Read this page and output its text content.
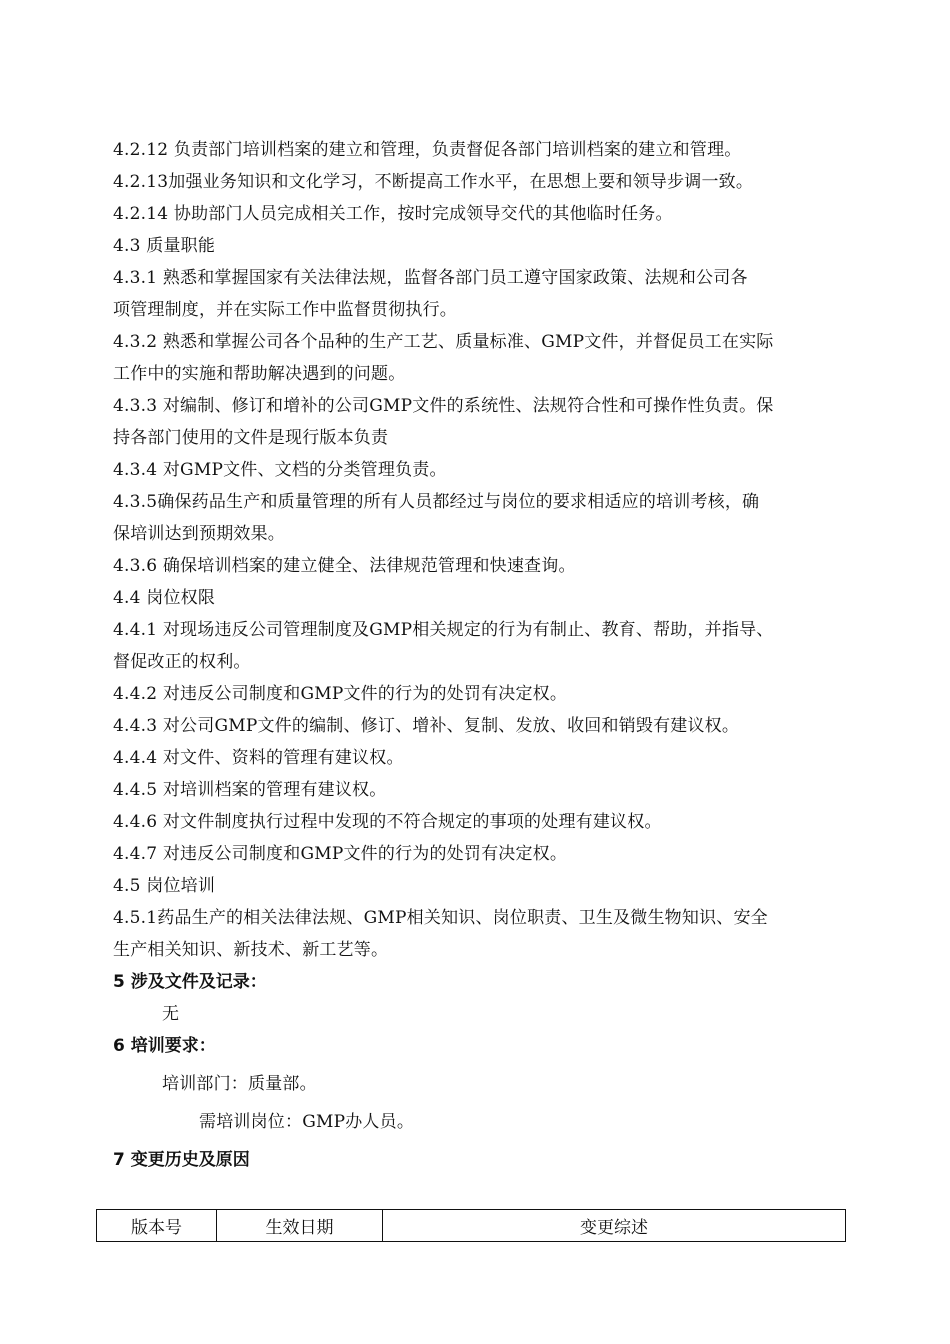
4.2.12 负责部门培训档案的建立和管理，负责督促各部门培训档案的建立和管理。
4.2.13加强业务知识和文化学习，不断提高工作水平，在思想上要和领导步调一致。
4.2.14 协助部门人员完成相关工作，按时完成领导交代的其他临时任务。
4.3 质量职能
4.3.1 熟悉和掌握国家有关法律法规，监督各部门员工遵守国家政策、法规和公司各
项管理制度，并在实际工作中监督贯彻执行。
4.3.2 熟悉和掌握公司各个品种的生产工艺、质量标准、GMP文件，并督促员工在实际
工作中的实施和帮助解决遇到的问题。
4.3.3 对编制、修订和增补的公司GMP文件的系统性、法规符合性和可操作性负责。保
持各部门使用的文件是现行版本负责
4.3.4 对GMP文件、文档的分类管理负责。
4.3.5确保药品生产和质量管理的所有人员都经过与岗位的要求相适应的培训考核，确
保培训达到预期效果。
4.3.6 确保培训档案的建立健全、法律规范管理和快速查询。
4.4 岗位权限
4.4.1 对现场违反公司管理制度及GMP相关规定的行为有制止、教育、帮助，并指导、
督促改正的权利。
4.4.2 对违反公司制度和GMP文件的行为的处罚有决定权。
4.4.3 对公司GMP文件的编制、修订、增补、复制、发放、收回和销毁有建议权。
4.4.4 对文件、资料的管理有建议权。
4.4.5 对培训档案的管理有建议权。
4.4.6 对文件制度执行过程中发现的不符合规定的事项的处理有建议权。
4.4.7 对违反公司制度和GMP文件的行为的处罚有决定权。
4.5 岗位培训
4.5.1药品生产的相关法律法规、GMP相关知识、岗位职责、卫生及微生物知识、安全
生产相关知识、新技术、新工艺等。
5 涉及文件及记录：
无
6 培训要求：
培训部门：质量部。
需培训岗位：GMP办人员。
7 变更历史及原因
版本号	生效日期	变更综述
